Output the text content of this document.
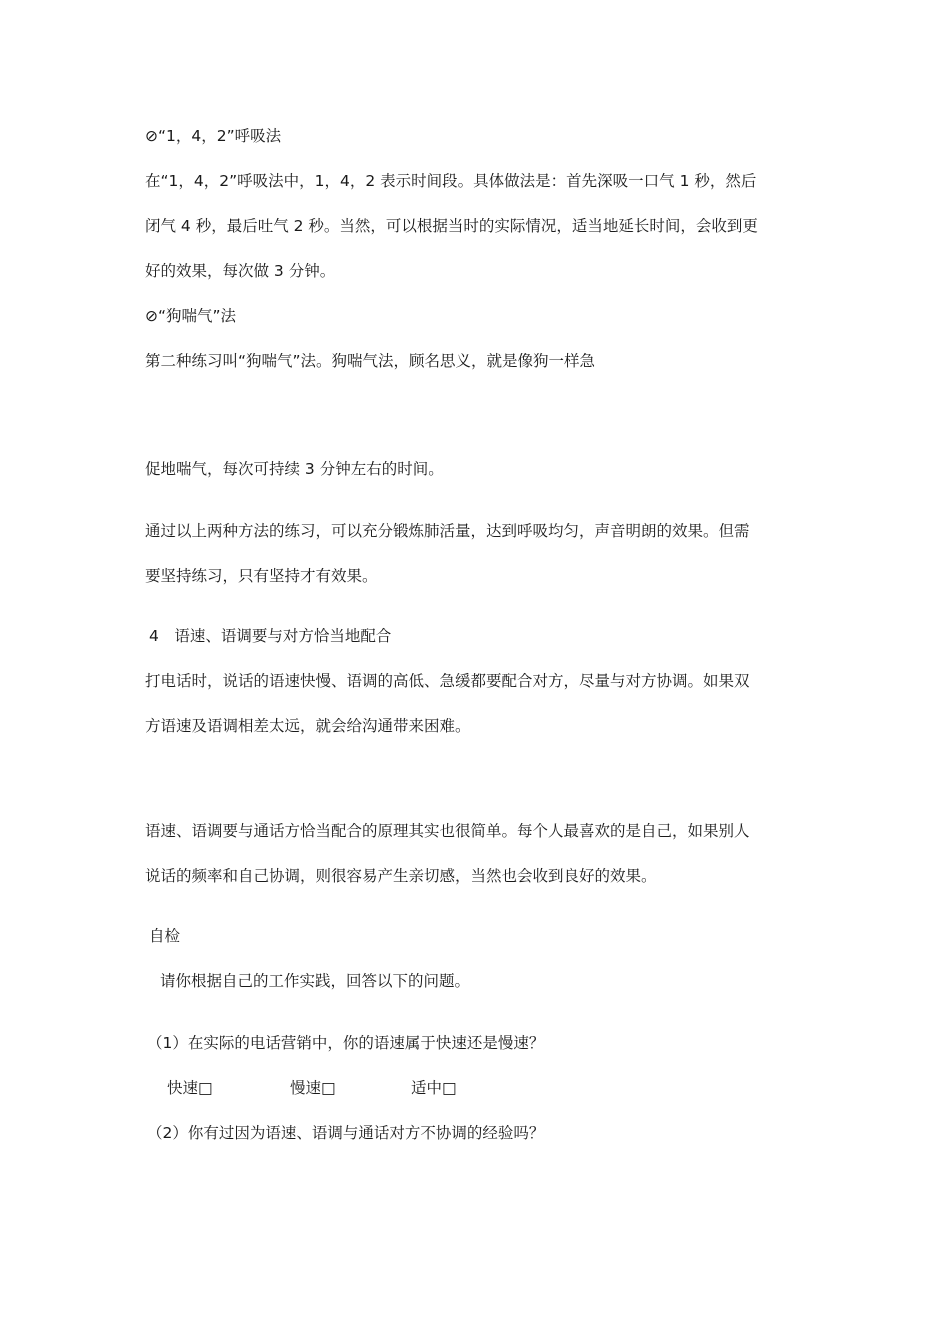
⊘“1，4，2”呼吸法

在“1，4，2”呼吸法中，1，4，2 表示时间段。具体做法是：首先深吸一口气 1 秒，然后

闭气 4 秒，最后吐气 2 秒。当然，可以根据当时的实际情况，适当地延长时间，会收到更

好的效果，每次做 3 分钟。

⊘“狗喘气”法

第二种练习叫“狗喘气”法。狗喘气法，顾名思义，就是像狗一样急

促地喘气，每次可持续 3 分钟左右的时间。

通过以上两种方法的练习，可以充分锻炼肺活量，达到呼吸均匀，声音明朗的效果。但需

要坚持练习，只有坚持才有效果。

4　语速、语调要与对方恰当地配合

打电话时，说话的语速快慢、语调的高低、急缓都要配合对方，尽量与对方协调。如果双

方语速及语调相差太远，就会给沟通带来困难。

语速、语调要与通话方恰当配合的原理其实也很简单。每个人最喜欢的是自己，如果别人

说话的频率和自己协调，则很容易产生亲切感，当然也会收到良好的效果。

自检

请你根据自己的工作实践，回答以下的问题。

（1）在实际的电话营销中，你的语速属于快速还是慢速？

快速□	慢速□	适中□

（2）你有过因为语速、语调与通话对方不协调的经验吗？
